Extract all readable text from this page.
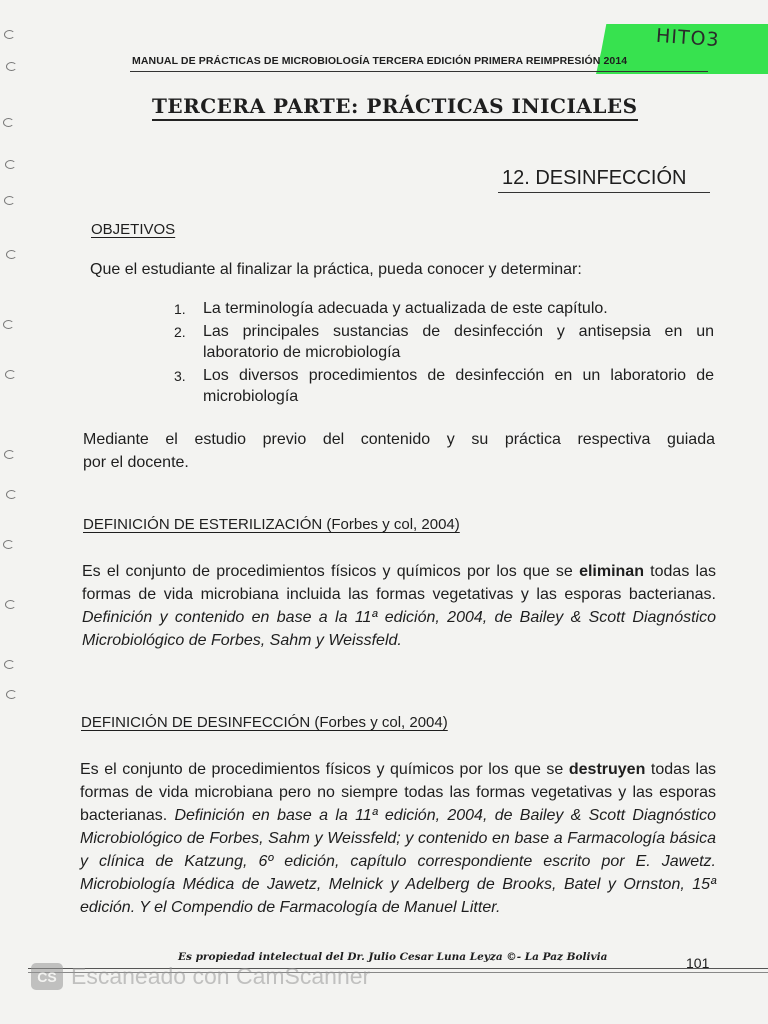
HITO3
MANUAL DE PRÁCTICAS DE MICROBIOLOGÍA TERCERA EDICIÓN PRIMERA REIMPRESIÓN 2014
TERCERA PARTE: PRÁCTICAS INICIALES
12. DESINFECCIÓN
OBJETIVOS
Que el estudiante al finalizar la práctica, pueda conocer y determinar:
1. La terminología adecuada y actualizada de este capítulo.
2. Las principales sustancias de desinfección y antisepsia en un laboratorio de microbiología
3. Los diversos procedimientos de desinfección en un laboratorio de microbiología

Mediante el estudio previo del contenido y su práctica respectiva guiada

por el docente.

DEFINICIÓN DE ESTERILIZACIÓN (Forbes y col, 2004)
Es el conjunto de procedimientos físicos y químicos por los que se eliminan todas las formas de vida microbiana incluida las formas vegetativas y las esporas bacterianas. Definición y contenido en base a la 11ª edición, 2004, de Bailey & Scott Diagnóstico Microbiológico de Forbes, Sahm y Weissfeld.
DEFINICIÓN DE DESINFECCIÓN (Forbes y col, 2004)
Es el conjunto de procedimientos físicos y químicos por los que se destruyen todas las formas de vida microbiana pero no siempre todas las formas vegetativas y las esporas bacterianas. Definición en base a la 11ª edición, 2004, de Bailey & Scott Diagnóstico Microbiológico de Forbes, Sahm y Weissfeld; y contenido en base a Farmacología básica y clínica de Katzung, 6º edición, capítulo correspondiente escrito por E. Jawetz. Microbiología Médica de Jawetz, Melnick y Adelberg de Brooks, Batel y Ornston, 15ª edición. Y el Compendio de Farmacología de Manuel Litter.
Es propiedad intelectual del Dr. Julio Cesar Luna Leyza ©- La Paz Bolivia	101
CS Escaneado con CamScanner
